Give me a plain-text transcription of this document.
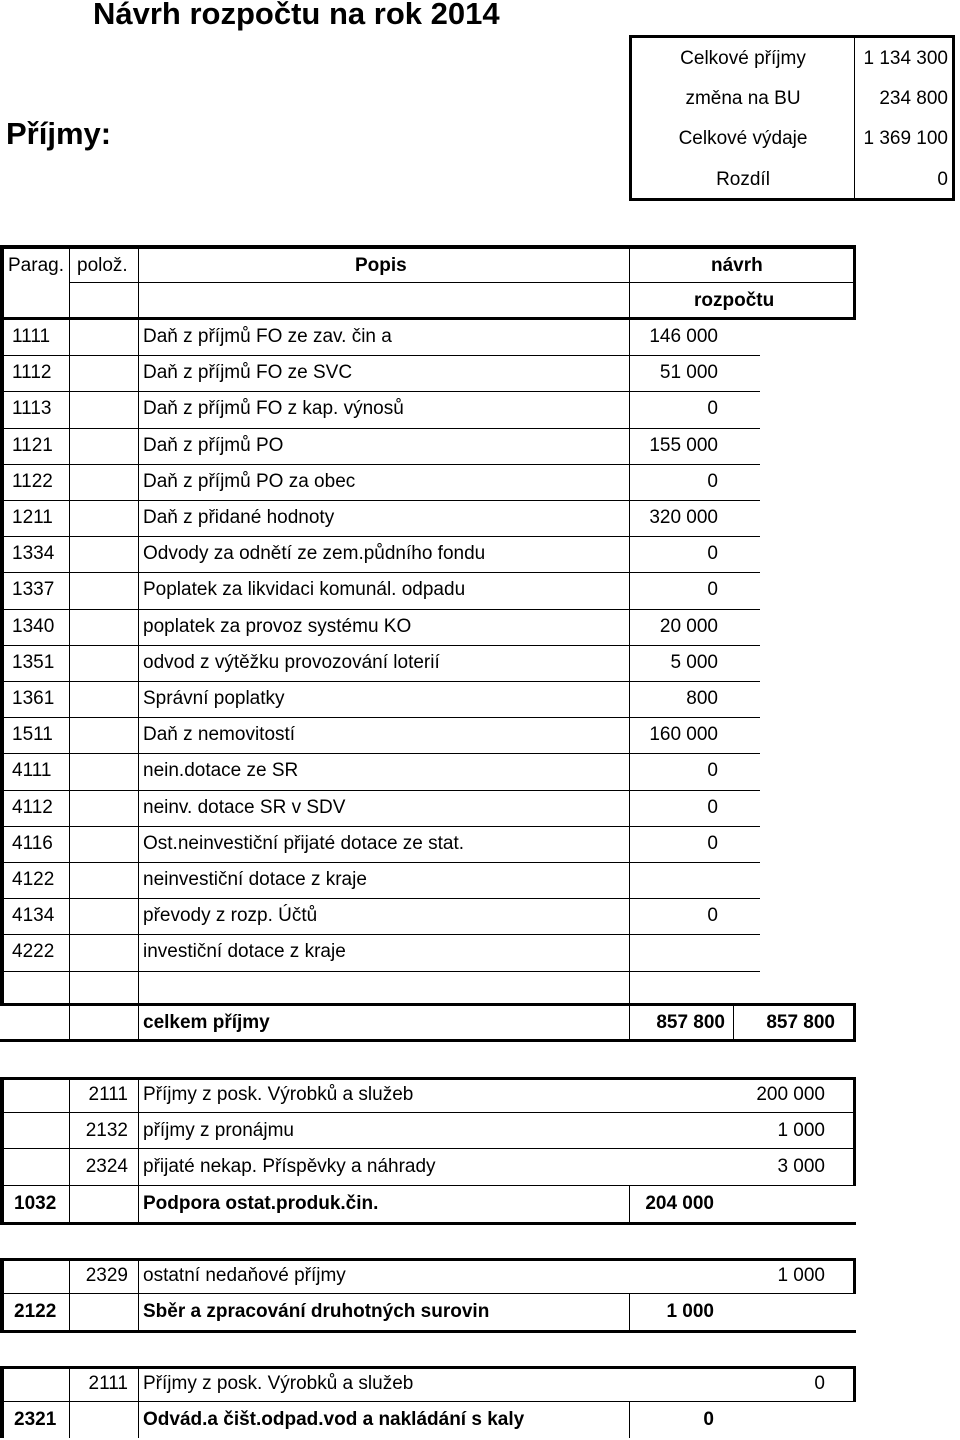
Návrh rozpočtu na rok 2014
Příjmy:
Celkové příjmy	1 134 300
změna na BU	234 800
Celkové výdaje	1 369 100
Rozdíl	0
Parag. polož.	Popis	návrh
rozpočtu
1111	Daň z příjmů FO ze zav. čin a	146 000
1112	Daň z příjmů FO ze SVC	51 000
1113	Daň z příjmů FO z kap. výnosů	0
1121	Daň z příjmů PO	155 000
1122	Daň z příjmů PO za obec	0
1211	Daň z přidané hodnoty	320 000
1334	Odvody za odnětí ze zem.půdního fondu	0
1337	Poplatek za likvidaci komunál. odpadu	0
1340	poplatek za provoz systému KO	20 000
1351	odvod z výtěžku provozování loterií	5 000
1361	Správní poplatky	800
1511	Daň z nemovitostí	160 000
4111	nein.dotace ze SR	0
4112	neinv. dotace SR v SDV	0
4116	Ost.neinvestiční přijaté dotace ze stat.	0
4122	neinvestiční dotace z kraje
4134	převody z rozp. Účtů	0
4222	investiční dotace z kraje
celkem příjmy	857 800	857 800
2111 Příjmy z posk. Výrobků a služeb	200 000
2132 příjmy z pronájmu	1 000
2324 přijaté nekap. Příspěvky a náhrady	3 000
1032	Podpora ostat.produk.čin.	204 000
2329 ostatní nedaňové příjmy	1 000
2122	Sběr a zpracování druhotných surovin	1 000
2111 Příjmy z posk. Výrobků a služeb	0
2321	Odvád.a čišt.odpad.vod a nakládání s kaly	0
